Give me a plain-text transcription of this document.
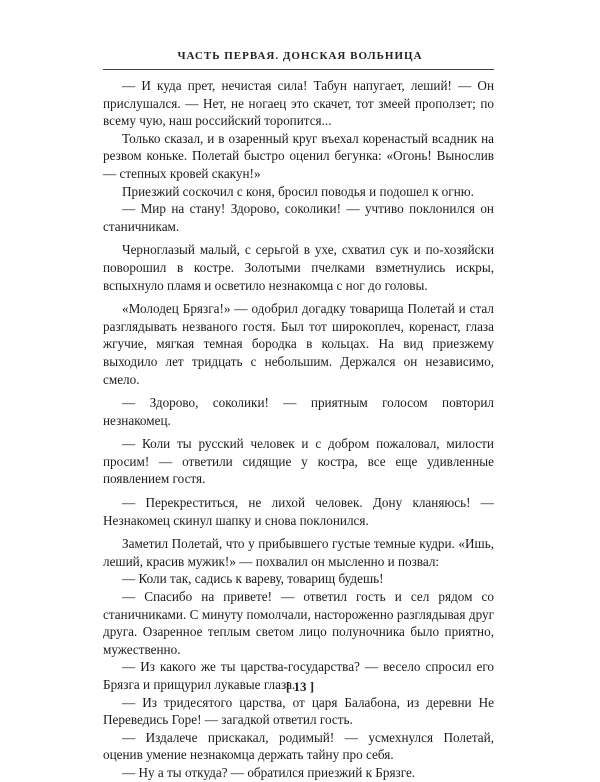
ЧАСТЬ ПЕРВАЯ. ДОНСКАЯ ВОЛЬНИЦА

— И куда прет, нечистая сила! Табун напугает, леший! — Он прислушался. — Нет, не ногаец это скачет, тот змеей проползет; по всему чую, наш российский торопится...

Только сказал, и в озаренный круг въехал коренастый всадник на резвом коньке. Полетай быстро оценил бегунка: «Огонь! Вынослив — степных кровей скакун!»

Приезжий соскочил с коня, бросил поводья и подошел к огню.

— Мир на стану! Здорово, соколики! — учтиво поклонился он станичникам.

Черноглазый малый, с серьгой в ухе, схватил сук и по-хозяйски поворошил в костре. Золотыми пчелками взметнулись искры, вспыхнуло пламя и осветило незнакомца с ног до головы.

«Молодец Брязга!» — одобрил догадку товарища Полетай и стал разглядывать незваного гостя. Был тот широкоплеч, коренаст, глаза жгучие, мягкая темная бородка в кольцах. На вид приезжему выходило лет тридцать с небольшим. Держался он независимо, смело.

— Здорово, соколики! — приятным голосом повторил незнакомец.

— Коли ты русский человек и с добром пожаловал, милости просим! — ответили сидящие у костра, все еще удивленные появлением гостя.

— Перекреститься, не лихой человек. Дону кланяюсь! — Незнакомец скинул шапку и снова поклонился.

Заметил Полетай, что у прибывшего густые темные кудри. «Ишь, леший, красив мужик!» — похвалил он мысленно и позвал:

— Коли так, садись к вареву, товарищ будешь!

— Спасибо на привете! — ответил гость и сел рядом со станичниками. С минуту помолчали, настороженно разглядывая друг друга. Озаренное теплым светом лицо полуночника было приятно, мужественно.

— Из какого же ты царства-государства? — весело спросил его Брязга и прищурил лукавые глаза.

— Из тридесятого царства, от царя Балабона, из деревни Не Переведись Горе! — загадкой ответил гость.

— Издалече прискакал, родимый! — усмехнулся Полетай, оценив умение незнакомца держать тайну про себя.

— Ну а ты откуда? — обратился приезжий к Брязге.

[ 13 ]
